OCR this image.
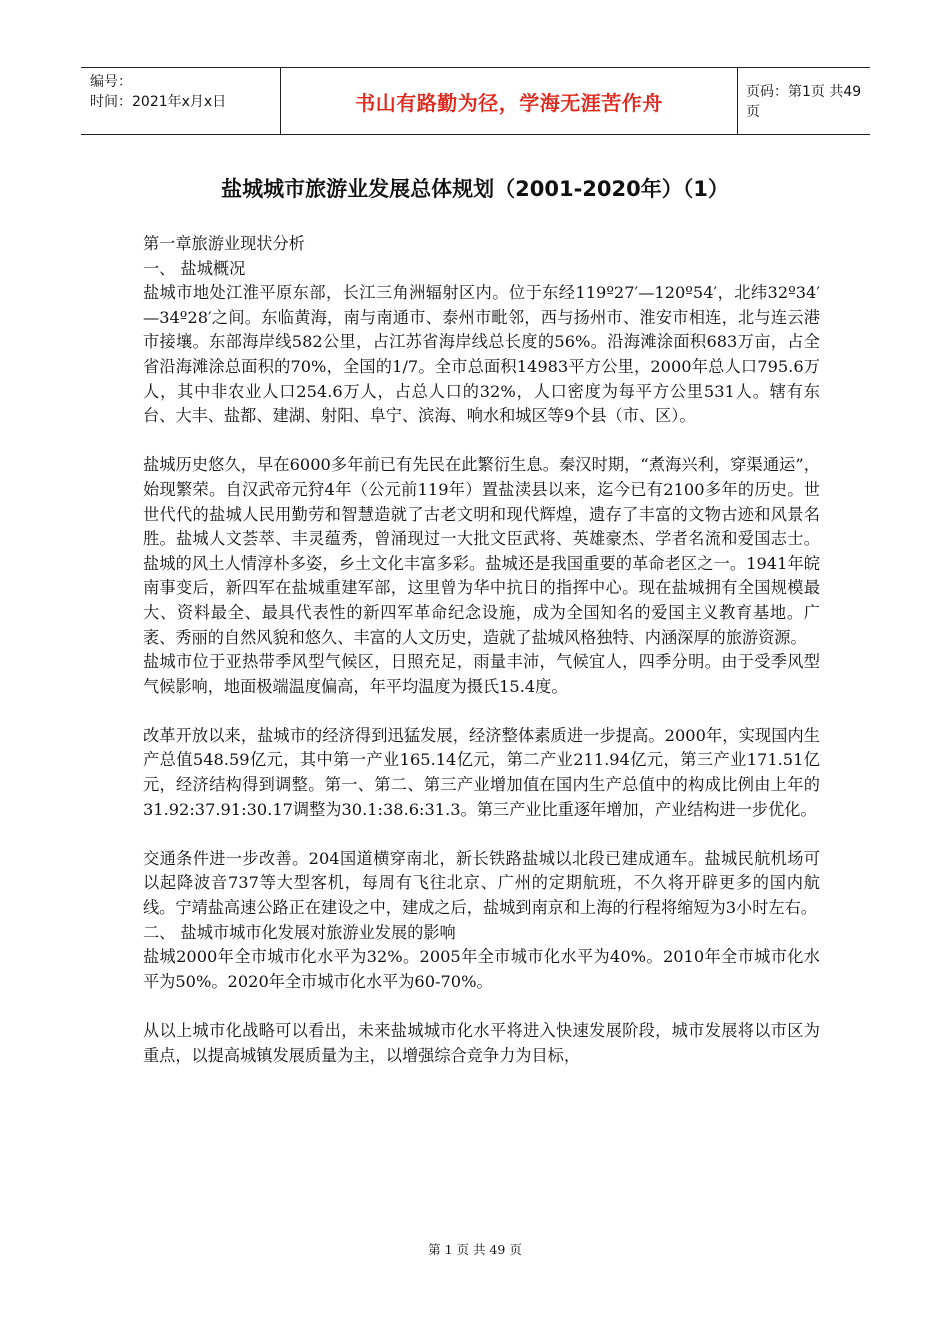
编号：
时间：2021年x月x日	书山有路勤为径，学海无涯苦作舟	页码：第1页 共49页
盐城城市旅游业发展总体规划（2001-2020年）（1）

第一章旅游业现状分析

一、 盐城概况

盐城市地处江淮平原东部，长江三角洲辐射区内。位于东经119º27′—120º54′，北纬32º34′—34º28′之间。东临黄海，南与南通市、泰州市毗邻，西与扬州市、淮安市相连，北与连云港市接壤。东部海岸线582公里，占江苏省海岸线总长度的56%。沿海滩涂面积683万亩，占全省沿海滩涂总面积的70%，全国的1/7。全市总面积14983平方公里，2000年总人口795.6万人，其中非农业人口254.6万人，占总人口的32%，人口密度为每平方公里531人。辖有东台、大丰、盐都、建湖、射阳、阜宁、滨海、响水和城区等9个县（市、区）。

盐城历史悠久，早在6000多年前已有先民在此繁衍生息。秦汉时期，“煮海兴利，穿渠通运”，始现繁荣。自汉武帝元狩4年（公元前119年）置盐渎县以来，迄今已有2100多年的历史。世世代代的盐城人民用勤劳和智慧造就了古老文明和现代辉煌，遗存了丰富的文物古迹和风景名胜。盐城人文荟萃、丰灵蕴秀，曾涌现过一大批文臣武将、英雄豪杰、学者名流和爱国志士。盐城的风土人情淳朴多姿，乡土文化丰富多彩。盐城还是我国重要的革命老区之一。1941年皖南事变后，新四军在盐城重建军部，这里曾为华中抗日的指挥中心。现在盐城拥有全国规模最大、资料最全、最具代表性的新四军革命纪念设施，成为全国知名的爱国主义教育基地。广袤、秀丽的自然风貌和悠久、丰富的人文历史，造就了盐城风格独特、内涵深厚的旅游资源。

盐城市位于亚热带季风型气候区，日照充足，雨量丰沛，气候宜人，四季分明。由于受季风型气候影响，地面极端温度偏高，年平均温度为摄氏15.4度。

改革开放以来，盐城市的经济得到迅猛发展，经济整体素质进一步提高。2000年，实现国内生产总值548.59亿元，其中第一产业165.14亿元，第二产业211.94亿元，第三产业171.51亿元，经济结构得到调整。第一、第二、第三产业增加值在国内生产总值中的构成比例由上年的31.92:37.91:30.17调整为30.1:38.6:31.3。第三产业比重逐年增加，产业结构进一步优化。

交通条件进一步改善。204国道横穿南北，新长铁路盐城以北段已建成通车。盐城民航机场可以起降波音737等大型客机，每周有飞往北京、广州的定期航班，不久将开辟更多的国内航线。宁靖盐高速公路正在建设之中，建成之后，盐城到南京和上海的行程将缩短为3小时左右。

二、 盐城市城市化发展对旅游业发展的影响

盐城2000年全市城市化水平为32%。2005年全市城市化水平为40%。2010年全市城市化水平为50%。2020年全市城市化水平为60-70%。

从以上城市化战略可以看出，未来盐城城市化水平将进入快速发展阶段，城市发展将以市区为重点，以提高城镇发展质量为主，以增强综合竞争力为目标，

第 1 页 共 49 页
